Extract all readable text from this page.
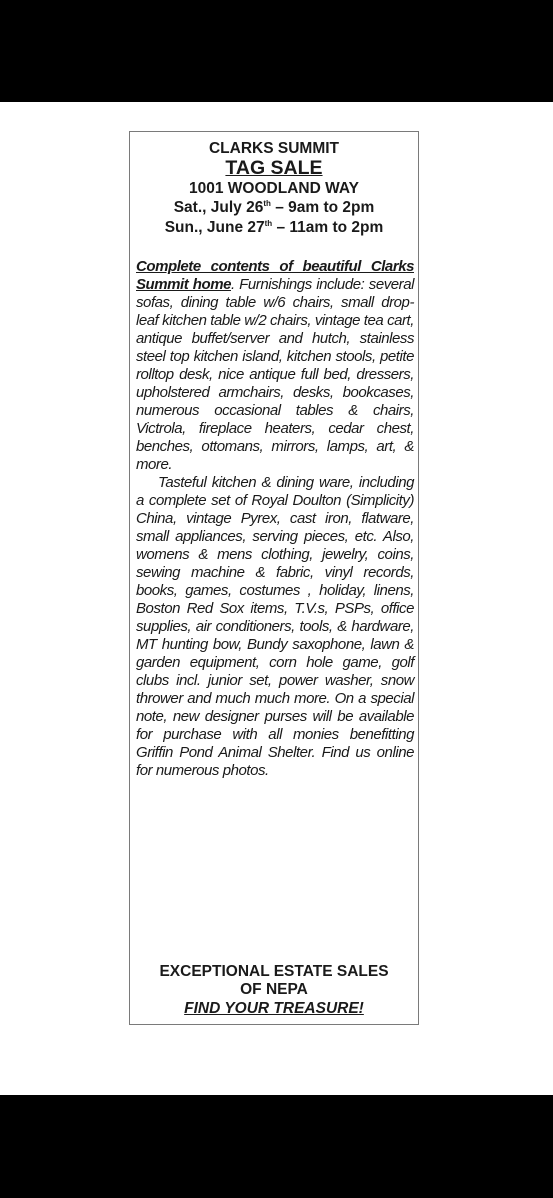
CLARKS SUMMIT
TAG SALE
1001 WOODLAND WAY
Sat., July 26th – 9am to 2pm
Sun., June 27th – 11am to 2pm

Complete contents of beautiful Clarks Summit home. Furnishings include: several sofas, dining table w/6 chairs, small drop-leaf kitchen table w/2 chairs, vintage tea cart, antique buffet/server and hutch, stainless steel top kitchen island, kitchen stools, petite rolltop desk, nice antique full bed, dressers, upholstered armchairs, desks, bookcases, numerous occasional tables & chairs, Victrola, fireplace heaters, cedar chest, benches, ottomans, mirrors, lamps, art, & more.

Tasteful kitchen & dining ware, including a complete set of Royal Doulton (Simplicity) China, vintage Pyrex, cast iron, flatware, small appliances, serving pieces, etc. Also, womens & mens clothing, jewelry, coins, sewing machine & fabric, vinyl records, books, games, costumes , holiday, linens, Boston Red Sox items, T.V.s, PSPs, office supplies, air conditioners, tools, & hardware, MT hunting bow, Bundy saxophone, lawn & garden equipment, corn hole game, golf clubs incl. junior set, power washer, snow thrower and much much more. On a special note, new designer purses will be available for purchase with all monies benefitting Griffin Pond Animal Shelter. Find us online for numerous photos.

EXCEPTIONAL ESTATE SALES
OF NEPA
FIND YOUR TREASURE!
